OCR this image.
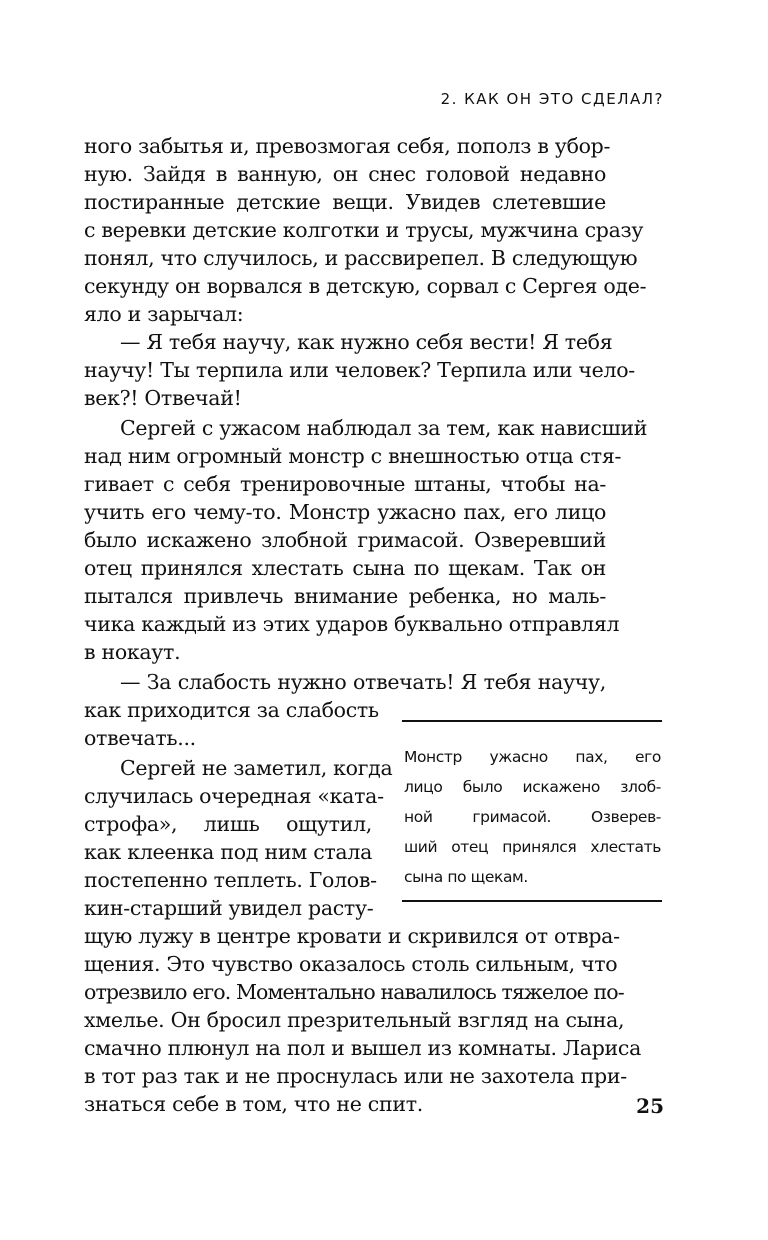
2. КАК ОН ЭТО СДЕЛАЛ?

ного забытья и, превозмогая себя, пополз в убор-

ную. Зайдя в ванную, он снес головой недавно

постиранные детские вещи. Увидев слетевшие

с веревки детские колготки и трусы, мужчина сразу

понял, что случилось, и рассвирепел. В следующую

секунду он ворвался в детскую, сорвал с Сергея оде-

яло и зарычал:

— Я тебя научу, как нужно себя вести! Я тебя

научу! Ты терпила или человек? Терпила или чело-

век?! Отвечай!

Сергей с ужасом наблюдал за тем, как нависший

над ним огромный монстр с внешностью отца стя-

гивает с себя тренировочные штаны, чтобы на-

учить его чему-то. Монстр ужасно пах, его лицо

было искажено злобной гримасой. Озверевший

отец принялся хлестать сына по щекам. Так он

пытался привлечь внимание ребенка, но маль-

чика каждый из этих ударов буквально отправлял

в нокаут.

— За слабость нужно отвечать! Я тебя научу,

как приходится за слабость

отвечать...

Сергей не заметил, когда

случилась очередная «ката-

строфа», лишь ощутил,

как клеенка под ним стала

постепенно теплеть. Голов-

кин-старший увидел расту-

щую лужу в центре кровати и скривился от отвра-

щения. Это чувство оказалось столь сильным, что

отрезвило его. Моментально навалилось тяжелое по-

хмелье. Он бросил презрительный взгляд на сына,

смачно плюнул на пол и вышел из комнаты. Лариса

в тот раз так и не проснулась или не захотела при-

знаться себе в том, что не спит.

Монстр ужасно пах, его

лицо было искажено злоб-

ной гримасой. Озверев-

ший отец принялся хлестать

сына по щекам.

25
